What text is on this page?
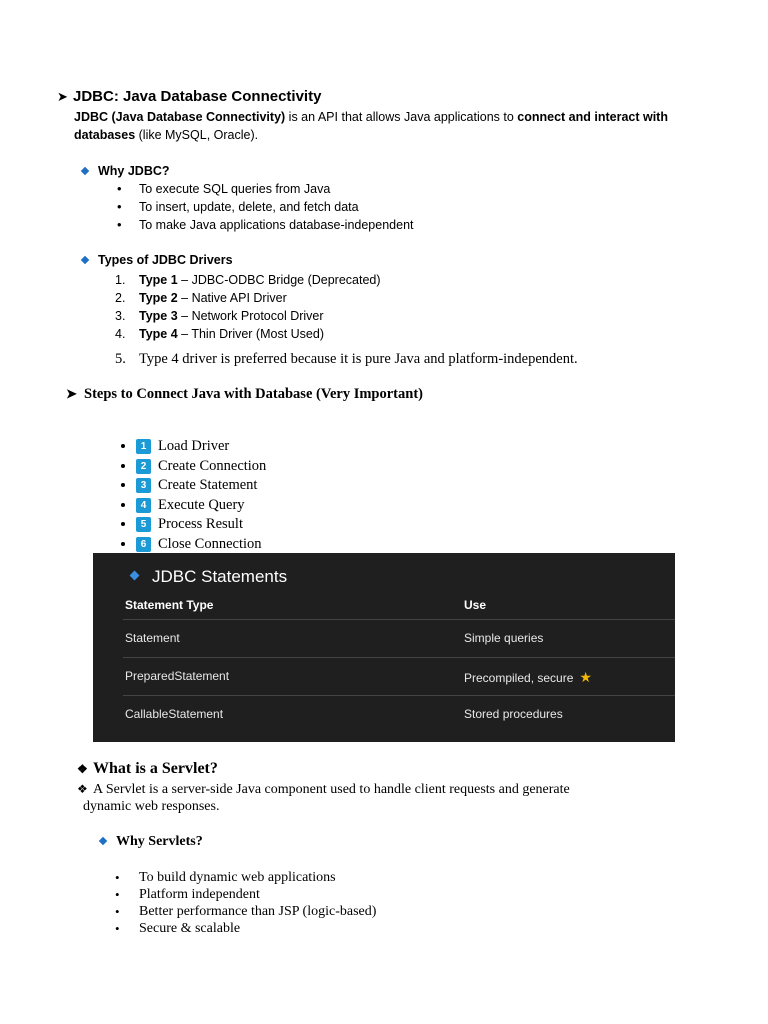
➤ JDBC: Java Database Connectivity
JDBC (Java Database Connectivity) is an API that allows Java applications to connect and interact with databases (like MySQL, Oracle).
Why JDBC?
• To execute SQL queries from Java
• To insert, update, delete, and fetch data
• To make Java applications database-independent
Types of JDBC Drivers
1.	Type 1 – JDBC-ODBC Bridge (Deprecated)
2.	Type 2 – Native API Driver
3.	Type 3 – Network Protocol Driver
4.	Type 4 – Thin Driver (Most Used)
5. Type 4 driver is preferred because it is pure Java and platform-independent.
➤ Steps to Connect Java with Database (Very Important)
• 1 Load Driver
• 2 Create Connection
• 3 Create Statement
• 4 Execute Query
• 5 Process Result
• 6 Close Connection
JDBC Statements
Statement Type	Use
Statement	Simple queries
PreparedStatement	Precompiled, secure ★
CallableStatement	Stored procedures
❖ What is a Servlet?
❖ A Servlet is a server-side Java component used to handle client requests and generate
dynamic web responses.
Why Servlets?
• To build dynamic web applications
• Platform independent
• Better performance than JSP (logic-based)
• Secure & scalable
